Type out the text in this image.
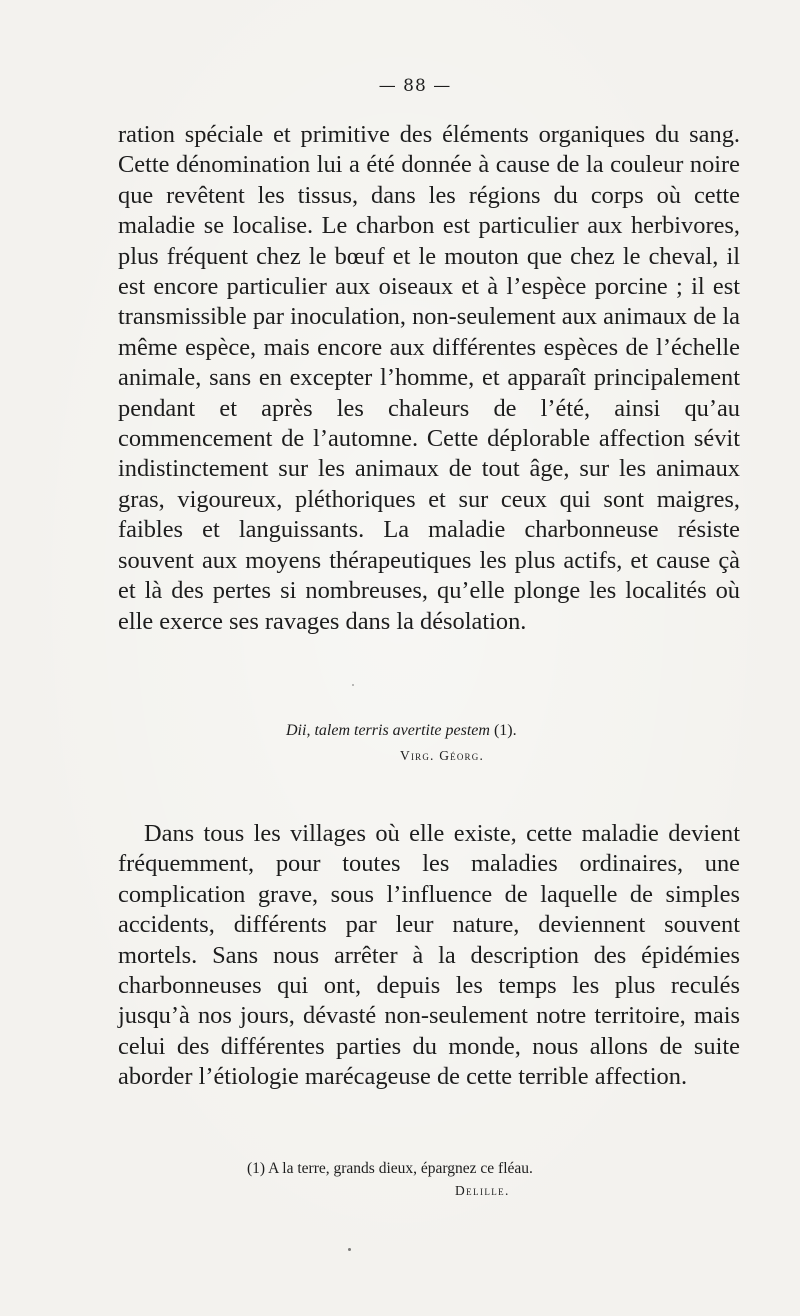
— 88 —

ration spéciale et primitive des éléments organiques du sang. Cette dénomination lui a été donnée à cause de la couleur noire que revêtent les tissus, dans les régions du corps où cette maladie se localise. Le charbon est particulier aux herbivores, plus fréquent chez le bœuf et le mouton que chez le cheval, il est encore particulier aux oiseaux et à l’espèce porcine ; il est transmissible par inoculation, non-seulement aux animaux de la même espèce, mais encore aux différentes espèces de l’échelle animale, sans en excepter l’homme, et apparaît principalement pendant et après les chaleurs de l’été, ainsi qu’au commencement de l’automne. Cette déplorable affection sévit indistinctement sur les animaux de tout âge, sur les animaux gras, vigoureux, pléthoriques et sur ceux qui sont maigres, faibles et languissants. La maladie charbonneuse résiste souvent aux moyens thérapeutiques les plus actifs, et cause çà et là des pertes si nombreuses, qu’elle plonge les localités où elle exerce ses ravages dans la désolation.

Dii, talem terris avertite pestem (1).
Virg. Géorg.

Dans tous les villages où elle existe, cette maladie devient fréquemment, pour toutes les maladies ordinaires, une complication grave, sous l’influence de laquelle de simples accidents, différents par leur nature, deviennent souvent mortels. Sans nous arrêter à la description des épidémies charbonneuses qui ont, depuis les temps les plus reculés jusqu’à nos jours, dévasté non-seulement notre territoire, mais celui des différentes parties du monde, nous allons de suite aborder l’étiologie marécageuse de cette terrible affection.

(1) A la terre, grands dieux, épargnez ce fléau.
Delille.
